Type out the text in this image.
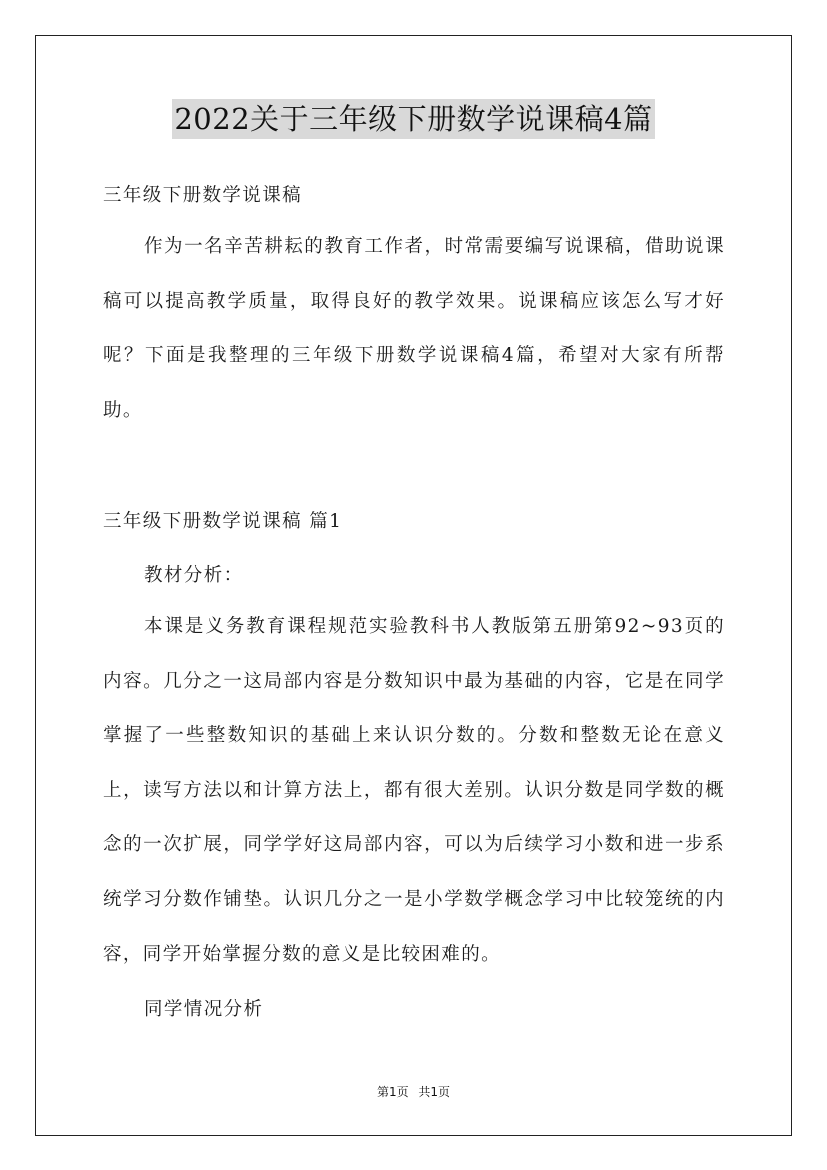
2022关于三年级下册数学说课稿4篇
三年级下册数学说课稿

作为一名辛苦耕耘的教育工作者，时常需要编写说课稿，借助说课稿可以提高教学质量，取得良好的教学效果。说课稿应该怎么写才好呢？下面是我整理的三年级下册数学说课稿4篇，希望对大家有所帮助。

三年级下册数学说课稿 篇1
教材分析：

本课是义务教育课程规范实验教科书人教版第五册第92~93页的内容。几分之一这局部内容是分数知识中最为基础的内容，它是在同学掌握了一些整数知识的基础上来认识分数的。分数和整数无论在意义上，读写方法以和计算方法上，都有很大差别。认识分数是同学数的概念的一次扩展，同学学好这局部内容，可以为后续学习小数和进一步系统学习分数作铺垫。认识几分之一是小学数学概念学习中比较笼统的内容，同学开始掌握分数的意义是比较困难的。

同学情况分析
第1页 共1页
